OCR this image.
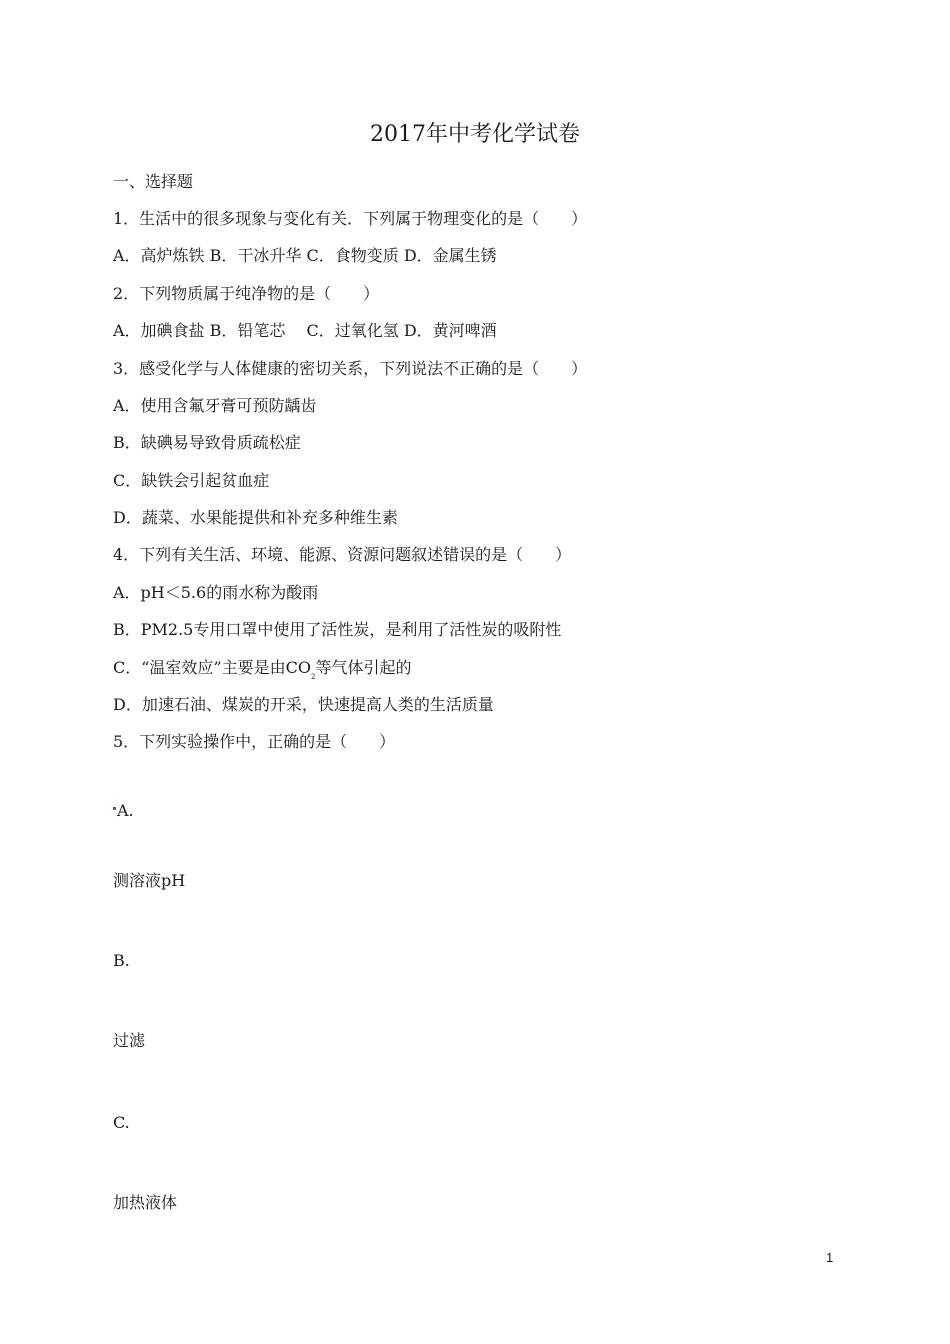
2017年中考化学试卷
一、选择题
1．生活中的很多现象与变化有关．下列属于物理变化的是（　　）
A．高炉炼铁 B．干冰升华 C．食物变质 D．金属生锈
2．下列物质属于纯净物的是（　　）
A．加碘食盐 B．铅笔芯　 C．过氧化氢 D．黄河啤酒
3．感受化学与人体健康的密切关系，下列说法不正确的是（　　）
A．使用含氟牙膏可预防龋齿
B．缺碘易导致骨质疏松症
C．缺铁会引起贫血症
D．蔬菜、水果能提供和补充多种维生素
4．下列有关生活、环境、能源、资源问题叙述错误的是（　　）
A．pH＜5.6的雨水称为酸雨
B．PM2.5专用口罩中使用了活性炭，是利用了活性炭的吸附性
C．“温室效应”主要是由$CO_2$等气体引起的
D．加速石油、煤炭的开采，快速提高人类的生活质量
5．下列实验操作中，正确的是（　　）
A.
测溶液pH
B.
过滤
C.
加热液体
1
